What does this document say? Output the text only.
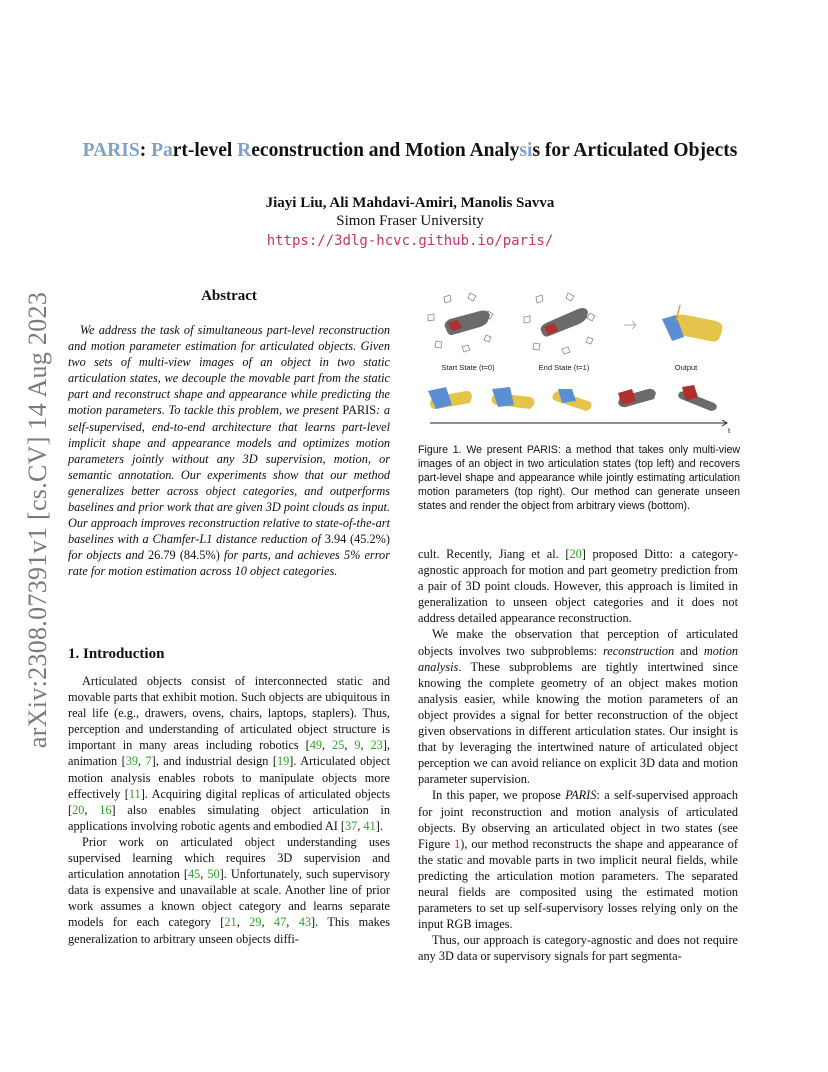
arXiv:2308.07391v1 [cs.CV] 14 Aug 2023
PARIS: Part-level Reconstruction and Motion Analysis for Articulated Objects
Jiayi Liu, Ali Mahdavi-Amiri, Manolis Savva
Simon Fraser University
https://3dlg-hcvc.github.io/paris/
Abstract

We address the task of simultaneous part-level reconstruction and motion parameter estimation for articulated objects. Given two sets of multi-view images of an object in two static articulation states, we decouple the movable part from the static part and reconstruct shape and appearance while predicting the motion parameters. To tackle this problem, we present PARIS: a self-supervised, end-to-end architecture that learns part-level implicit shape and appearance models and optimizes motion parameters jointly without any 3D supervision, motion, or semantic annotation. Our experiments show that our method generalizes better across object categories, and outperforms baselines and prior work that are given 3D point clouds as input. Our approach improves reconstruction relative to state-of-the-art baselines with a Chamfer-L1 distance reduction of 3.94 (45.2%) for objects and 26.79 (84.5%) for parts, and achieves 5% error rate for motion estimation across 10 object categories.

1. Introduction

Articulated objects consist of interconnected static and movable parts that exhibit motion. Such objects are ubiquitous in real life (e.g., drawers, ovens, chairs, laptops, staplers). Thus, perception and understanding of articulated object structure is important in many areas including robotics [49, 25, 9, 23], animation [39, 7], and industrial design [19]. Articulated object motion analysis enables robots to manipulate objects more effectively [11]. Acquiring digital replicas of articulated objects [20, 16] also enables simulating object articulation in applications involving robotic agents and embodied AI [37, 41].

Prior work on articulated object understanding uses supervised learning which requires 3D supervision and articulation annotation [45, 50]. Unfortunately, such supervisory data is expensive and unavailable at scale. Another line of prior work assumes a known object category and learns separate models for each category [21, 29, 47, 43]. This makes generalization to arbitrary unseen objects diffi-

Start State (t=0)	End State (t=1)	Output
t
Figure 1. We present PARIS: a method that takes only multi-view images of an object in two articulation states (top left) and recovers part-level shape and appearance while jointly estimating articulation motion parameters (top right). Our method can generate unseen states and render the object from arbitrary views (bottom).

cult. Recently, Jiang et al. [20] proposed Ditto: a category-agnostic approach for motion and part geometry prediction from a pair of 3D point clouds. However, this approach is limited in generalization to unseen object categories and it does not address detailed appearance reconstruction.

We make the observation that perception of articulated objects involves two subproblems: reconstruction and motion analysis. These subproblems are tightly intertwined since knowing the complete geometry of an object makes motion analysis easier, while knowing the motion parameters of an object provides a signal for better reconstruction of the object given observations in different articulation states. Our insight is that by leveraging the intertwined nature of articulated object perception we can avoid reliance on explicit 3D data and motion parameter supervision.

In this paper, we propose PARIS: a self-supervised approach for joint reconstruction and motion analysis of articulated objects. By observing an articulated object in two states (see Figure 1), our method reconstructs the shape and appearance of the static and movable parts in two implicit neural fields, while predicting the articulation motion parameters. The separated neural fields are composited using the estimated motion parameters to set up self-supervisory losses relying only on the input RGB images.

Thus, our approach is category-agnostic and does not require any 3D data or supervisory signals for part segmenta-
